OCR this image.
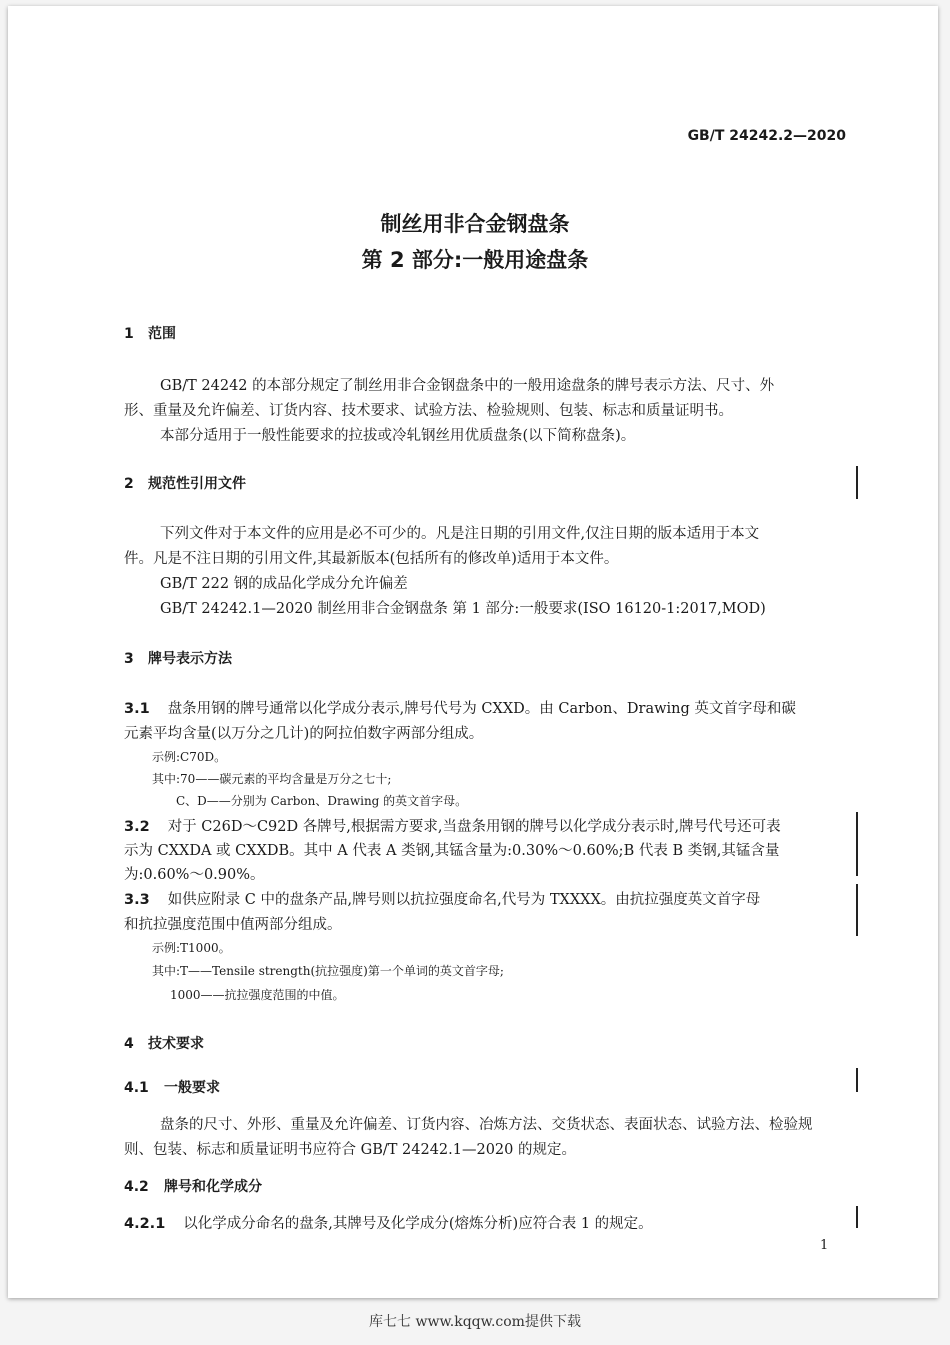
GB/T 24242.2—2020
制丝用非合金钢盘条
第 2 部分:一般用途盘条
1 范围
GB/T 24242 的本部分规定了制丝用非合金钢盘条中的一般用途盘条的牌号表示方法、尺寸、外
形、重量及允许偏差、订货内容、技术要求、试验方法、检验规则、包装、标志和质量证明书。
本部分适用于一般性能要求的拉拔或冷轧钢丝用优质盘条(以下简称盘条)。
2 规范性引用文件
下列文件对于本文件的应用是必不可少的。凡是注日期的引用文件,仅注日期的版本适用于本文
件。凡是不注日期的引用文件,其最新版本(包括所有的修改单)适用于本文件。
GB/T 222 钢的成品化学成分允许偏差
GB/T 24242.1—2020 制丝用非合金钢盘条 第 1 部分:一般要求(ISO 16120-1:2017,MOD)
3 牌号表示方法
3.1 盘条用钢的牌号通常以化学成分表示,牌号代号为 CXXD。由 Carbon、Drawing 英文首字母和碳
元素平均含量(以万分之几计)的阿拉伯数字两部分组成。
示例:C70D。
其中:70——碳元素的平均含量是万分之七十;
C、D——分别为 Carbon、Drawing 的英文首字母。
3.2 对于 C26D～C92D 各牌号,根据需方要求,当盘条用钢的牌号以化学成分表示时,牌号代号还可表
示为 CXXDA 或 CXXDB。其中 A 代表 A 类钢,其锰含量为:0.30%～0.60%;B 代表 B 类钢,其锰含量
为:0.60%～0.90%。
3.3 如供应附录 C 中的盘条产品,牌号则以抗拉强度命名,代号为 TXXXX。由抗拉强度英文首字母
和抗拉强度范围中值两部分组成。
示例:T1000。
其中:T——Tensile strength(抗拉强度)第一个单词的英文首字母;
1000——抗拉强度范围的中值。
4 技术要求
4.1 一般要求
盘条的尺寸、外形、重量及允许偏差、订货内容、冶炼方法、交货状态、表面状态、试验方法、检验规
则、包装、标志和质量证明书应符合 GB/T 24242.1—2020 的规定。
4.2 牌号和化学成分
4.2.1 以化学成分命名的盘条,其牌号及化学成分(熔炼分析)应符合表 1 的规定。
1
库七七 www.kqqw.com提供下载
